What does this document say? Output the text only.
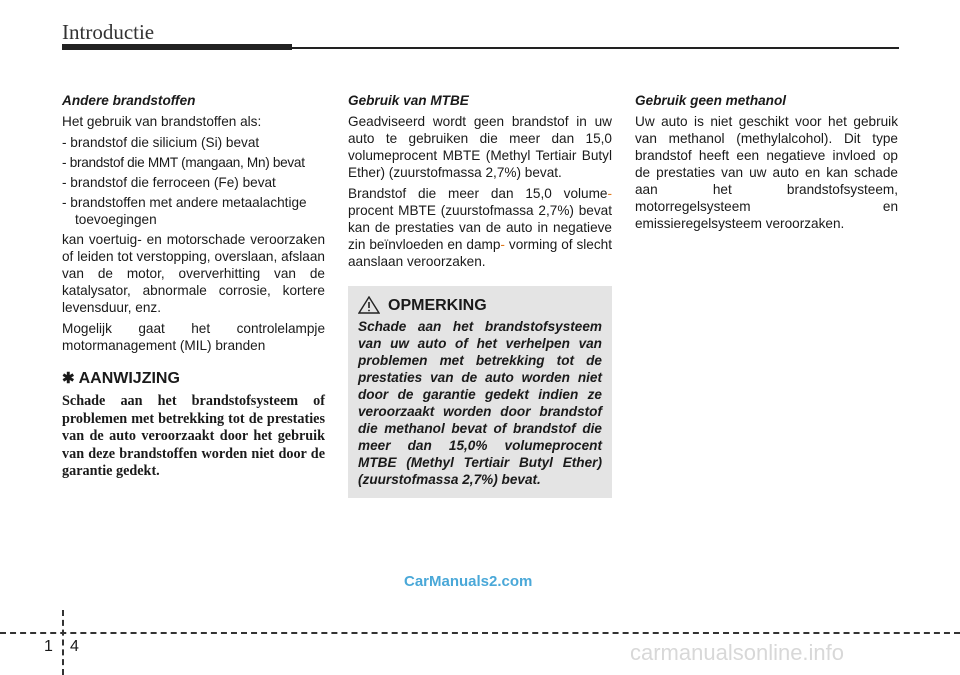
Introductie
Andere brandstoffen

Het gebruik van brandstoffen als:

- brandstof die silicium (Si) bevat
- brandstof die MMT (mangaan, Mn) bevat
- brandstof die ferroceen (Fe) bevat
- brandstoffen met andere metaalachtige toevoegingen

kan voertuig- en motorschade veroorzaken of leiden tot verstopping, overslaan, afslaan van de motor, oververhitting van de katalysator, abnormale corrosie, kortere levensduur, enz.

Mogelijk gaat het controlelampje motormanagement (MIL) branden

✱ AANWIJZING
Schade aan het brandstofsysteem of problemen met betrekking tot de prestaties van de auto veroorzaakt door het gebruik van deze brandstoffen worden niet door de garantie gedekt.
Gebruik van MTBE

Geadviseerd wordt geen brandstof in uw auto te gebruiken die meer dan 15,0 volumeprocent MBTE (Methyl Tertiair Butyl Ether) (zuurstofmassa 2,7%) bevat.

Brandstof die meer dan 15,0 volume- procent MBTE (zuurstofmassa 2,7%) bevat kan de prestaties van de auto in negatieve zin beïnvloeden en damp- vorming of slecht aanslaan veroorzaken.

OPMERKING
Schade aan het brandstofsysteem van uw auto of het verhelpen van problemen met betrekking tot de prestaties van de auto worden niet door de garantie gedekt indien ze veroorzaakt worden door brandstof die methanol bevat of brandstof die meer dan 15,0% volumeprocent MTBE (Methyl Tertiair Butyl Ether) (zuurstofmassa 2,7%) bevat.
Gebruik geen methanol

Uw auto is niet geschikt voor het gebruik van methanol (methylalcohol). Dit type brandstof heeft een negatieve invloed op de prestaties van uw auto en kan schade aan het brandstofsysteem, motorregelsysteem en emissieregelsysteem veroorzaken.

CarManuals2.com
1 4	carmanualsonline.info
